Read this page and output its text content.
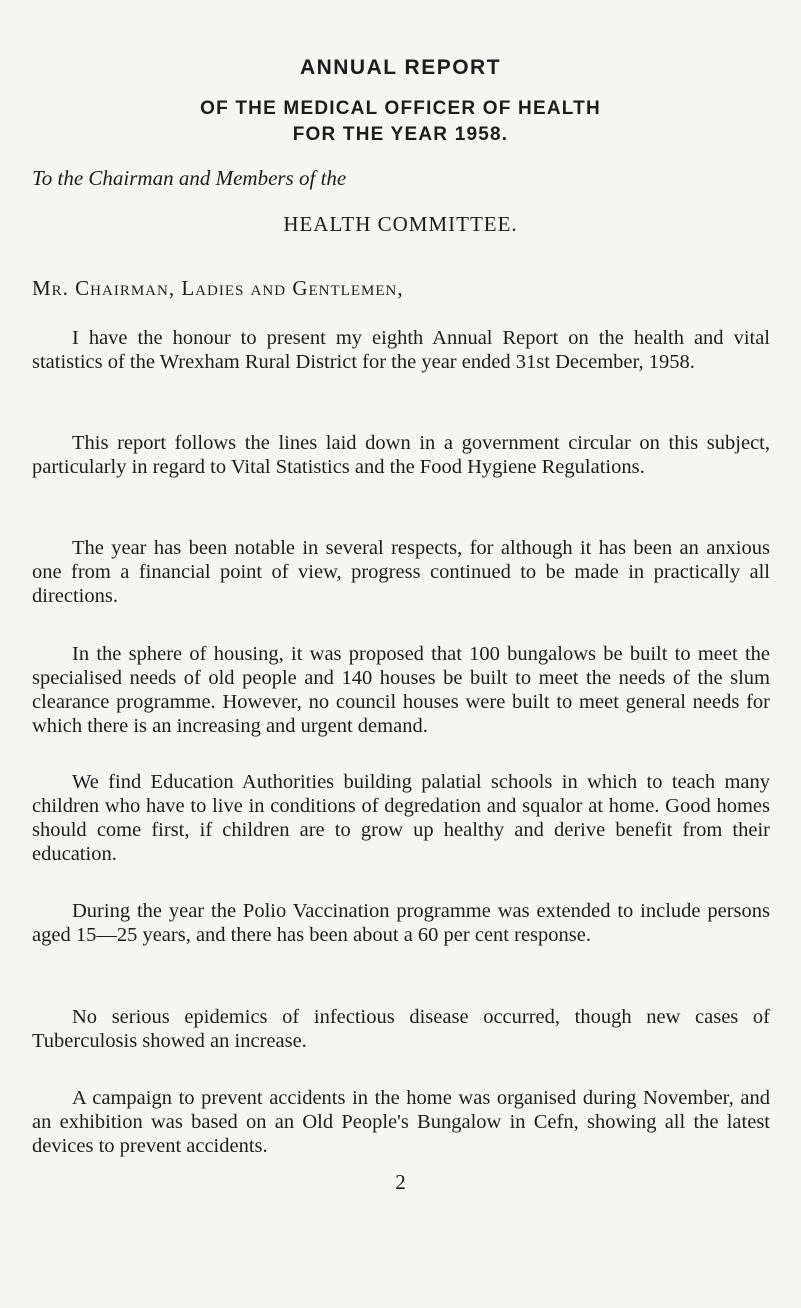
ANNUAL REPORT
OF THE MEDICAL OFFICER OF HEALTH
FOR THE YEAR 1958.
To the Chairman and Members of the
HEALTH COMMITTEE.
Mr. Chairman, Ladies and Gentlemen,

I have the honour to present my eighth Annual Report on the health and vital statistics of the Wrexham Rural District for the year ended 31st December, 1958.

This report follows the lines laid down in a government circular on this subject, particularly in regard to Vital Statistics and the Food Hygiene Regulations.

The year has been notable in several respects, for although it has been an anxious one from a financial point of view, progress continued to be made in practically all directions.

In the sphere of housing, it was proposed that 100 bungalows be built to meet the specialised needs of old people and 140 houses be built to meet the needs of the slum clearance programme. However, no council houses were built to meet general needs for which there is an increasing and urgent demand.

We find Education Authorities building palatial schools in which to teach many children who have to live in conditions of degredation and squalor at home. Good homes should come first, if children are to grow up healthy and derive benefit from their education.

During the year the Polio Vaccination programme was extended to include persons aged 15—25 years, and there has been about a 60 per cent response.

No serious epidemics of infectious disease occurred, though new cases of Tuberculosis showed an increase.

A campaign to prevent accidents in the home was organised during November, and an exhibition was based on an Old People's Bungalow in Cefn, showing all the latest devices to prevent accidents.

2
